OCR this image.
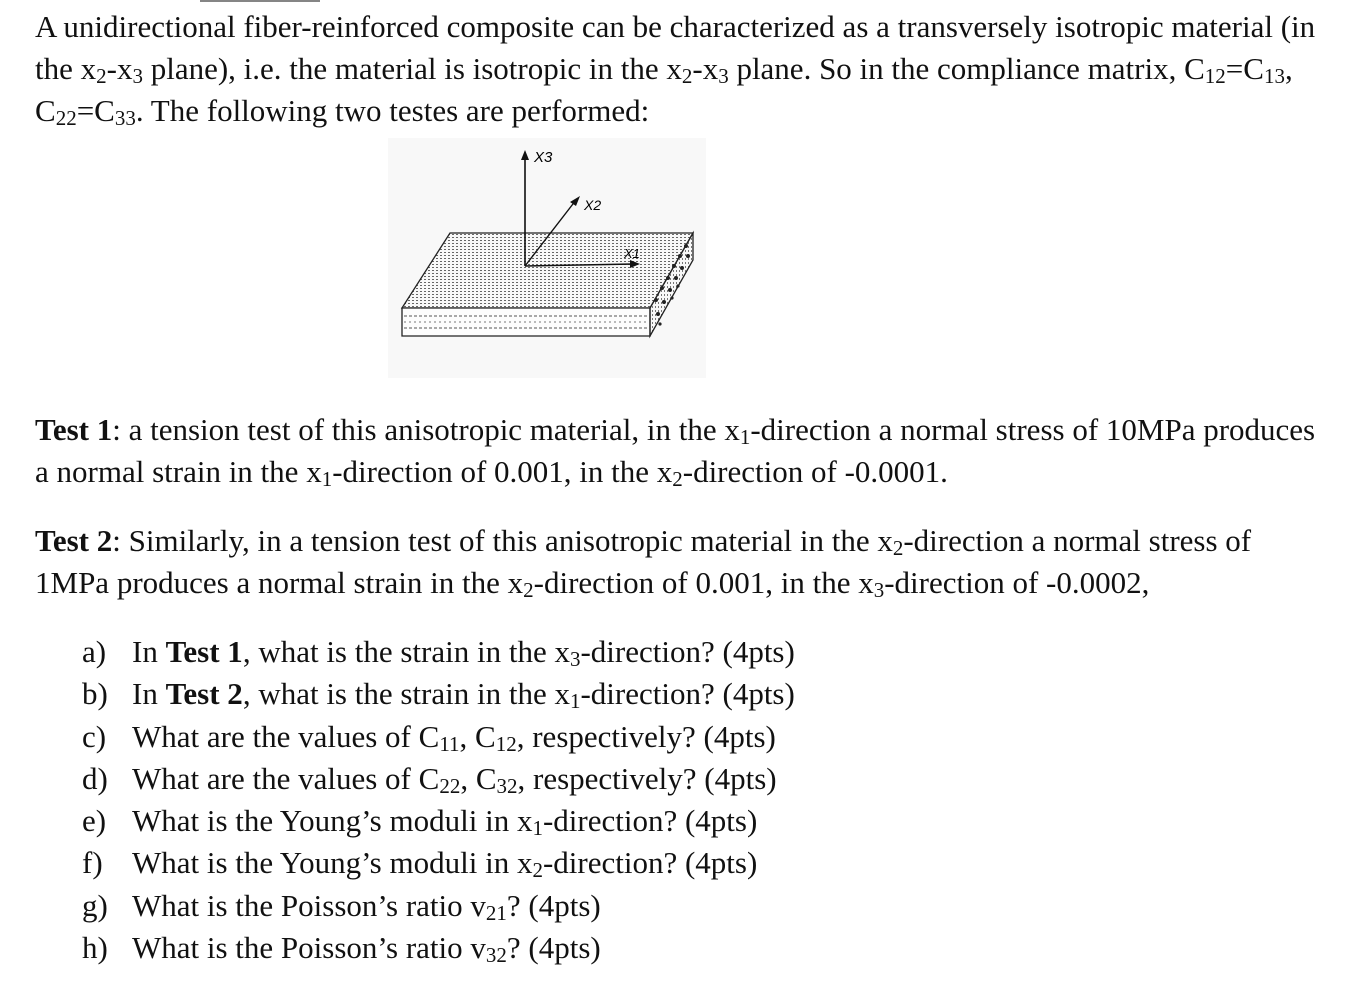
A unidirectional fiber-reinforced composite can be characterized as a transversely isotropic material (in the x2-x3 plane), i.e. the material is isotropic in the x2-x3 plane. So in the compliance matrix, C12=C13, C22=C33. The following two testes are performed:
X3
X2
X1
Test 1: a tension test of this anisotropic material, in the x1-direction a normal stress of 10MPa produces a normal strain in the x1-direction of 0.001, in the x2-direction of -0.0001.
Test 2: Similarly, in a tension test of this anisotropic material in the x2-direction a normal stress of 1MPa produces a normal strain in the x2-direction of 0.001, in the x3-direction of -0.0002,
a) In Test 1, what is the strain in the x3-direction? (4pts)
b) In Test 2, what is the strain in the x1-direction? (4pts)
c) What are the values of C11, C12, respectively? (4pts)
d) What are the values of C22, C32, respectively? (4pts)
e) What is the Young’s moduli in x1-direction? (4pts)
f) What is the Young’s moduli in x2-direction? (4pts)
g) What is the Poisson’s ratio v21? (4pts)
h) What is the Poisson’s ratio v32? (4pts)
